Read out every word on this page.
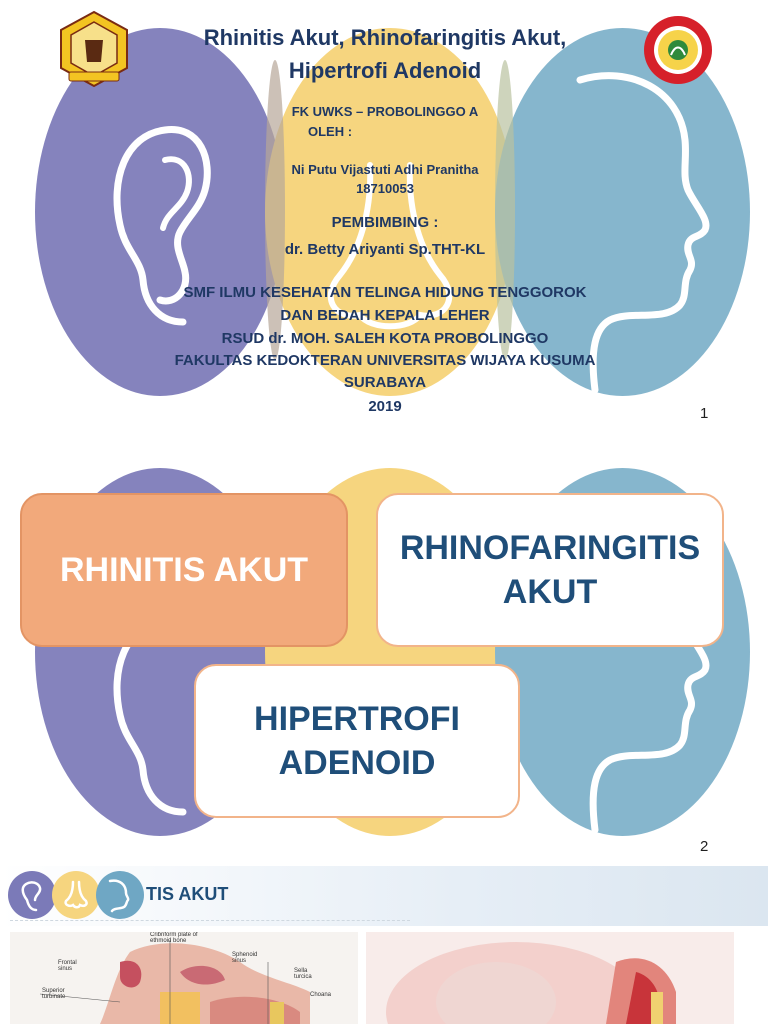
Rhinitis Akut, Rhinofaringitis Akut,
Hipertrofi Adenoid
FK UWKS – PROBOLINGGO A
OLEH :
Ni Putu Vijastuti Adhi Pranitha
18710053
PEMBIMBING :
dr. Betty Ariyanti Sp.THT-KL
SMF ILMU KESEHATAN TELINGA HIDUNG TENGGOROK
DAN BEDAH KEPALA LEHER
RSUD dr. MOH. SALEH KOTA PROBOLINGGO
FAKULTAS KEDOKTERAN UNIVERSITAS WIJAYA KUSUMA
SURABAYA
2019	1
RHINITIS AKUT
RHINOFARINGITIS
AKUT
HIPERTROFI
ADENOID
2
TIS AKUT
Cribriform plate of ethmoid bone
Frontal sinus
Sphenoid sinus
Sella turcica
Superior turbinate	Choana
